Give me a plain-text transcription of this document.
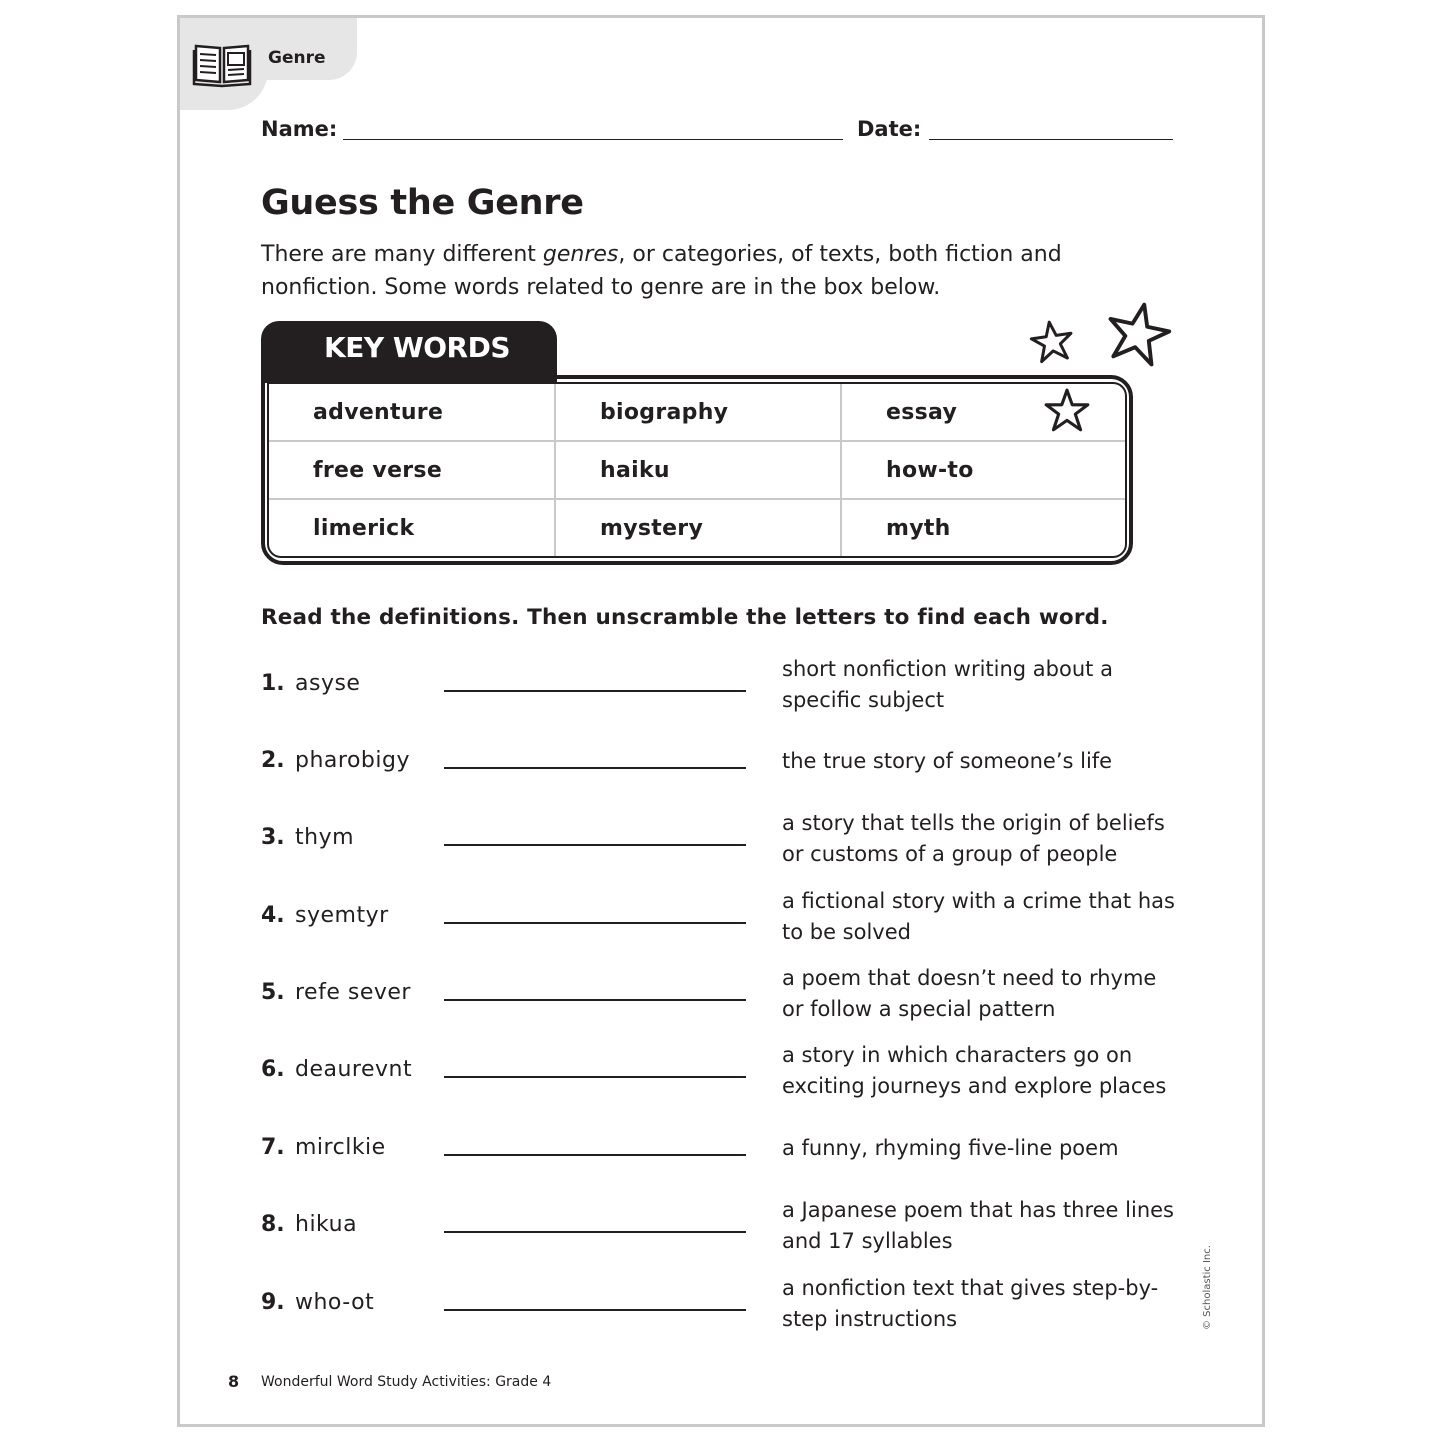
Genre
Name:	Date:
Guess the Genre
There are many different genres, or categories, of texts, both fiction and nonfiction. Some words related to genre are in the box below.
KEY WORDS
adventure	biography	essay
free verse	haiku	how-to
limerick	mystery	myth
Read the definitions. Then unscramble the letters to find each word.
1. asyse
short nonfiction writing about a specific subject
2. pharobigy	the true story of someone’s life
3. thym
a story that tells the origin of beliefs or customs of a group of people
4. syemtyr
a fictional story with a crime that has to be solved
5. refe sever
a poem that doesn’t need to rhyme or follow a special pattern
6. deaurevnt
a story in which characters go on exciting journeys and explore places
7. mirclkie	a funny, rhyming five-line poem
8. hikua
a Japanese poem that has three lines and 17 syllables
9. who-ot
a nonfiction text that gives step-by-step instructions
8 Wonderful Word Study Activities: Grade 4
© Scholastic Inc.
